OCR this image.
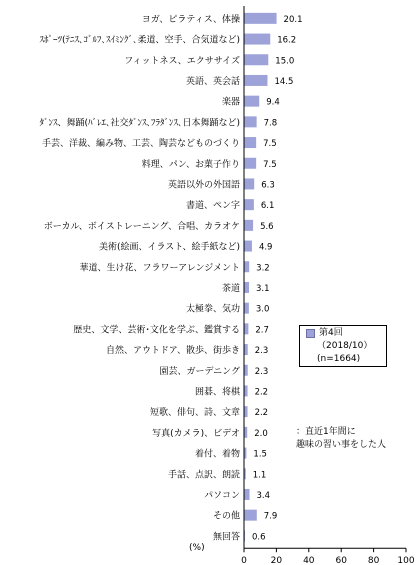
ヨガ、ピラティス、体操
ｽﾎﾟｰﾂ(ﾃﾆｽ､ｺﾞﾙﾌ､ｽｲﾐﾝｸﾞ､柔道、空手、合気道など)
フィットネス、エクササイズ
英語、英会話
楽器
ﾀﾞﾝｽ、舞踊(ﾊﾞﾚｴ､社交ﾀﾞﾝｽ､ﾌﾗﾀﾞﾝｽ､日本舞踊など)
手芸、洋裁、編み物、工芸、陶芸などものづくり
料理、パン、お菓子作り
英語以外の外国語
書道、ペン字
ボーカル、ボイストレーニング、合唱、カラオケ
美術(絵画、イラスト、絵手紙など)
華道、生け花、フラワーアレンジメント
茶道
太極拳、気功
歴史、文学、芸術･文化を学ぶ、鑑賞する
自然、アウトドア、散歩、街歩き
園芸、ガーデニング
囲碁、将棋
短歌、俳句、詩、文章
写真(カメラ)、ビデオ
着付、着物
手話、点訳、朗読
パソコン
その他
無回答
20.1
16.2
15.0
14.5
9.4
7.8
7.5
7.5
6.3
6.1
5.6
4.9
3.2
3.1
3.0
2.7
2.3
2.3
2.2
2.2
2.0
1.5
1.1
3.4
7.9
0.6
0	20 40 60 80 100
第4回
（2018/10）
(n=1664)
：直近1年間に
趣味の習い事をした人
(%)
